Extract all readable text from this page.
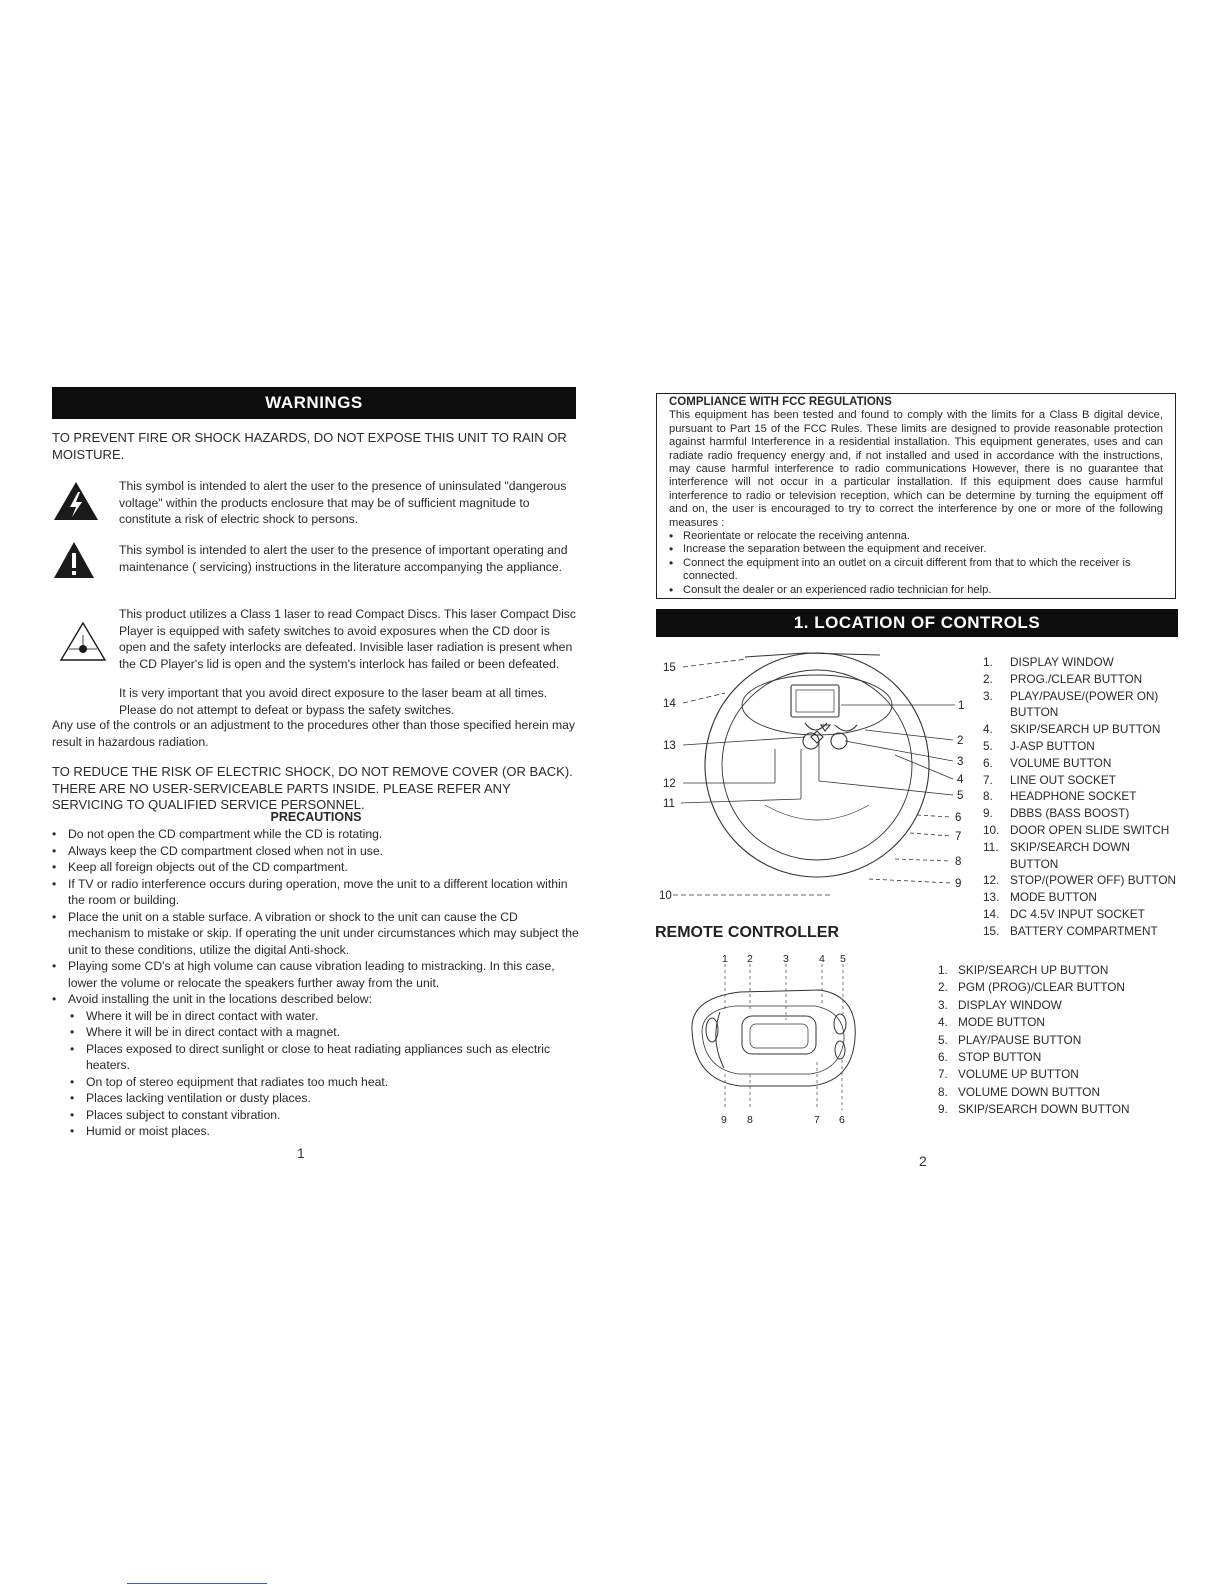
WARNINGS
TO PREVENT FIRE OR SHOCK HAZARDS, DO NOT EXPOSE THIS UNIT TO RAIN OR MOISTURE.
This symbol is intended to alert the user to the presence of uninsulated "dangerous voltage" within the products enclosure that may be of sufficient magnitude to constitute a risk of electric shock to persons.
This symbol is intended to alert the user to the presence of important operating and maintenance ( servicing) instructions in the literature accompanying the appliance.
This product utilizes a Class 1 laser to read Compact Discs. This laser Compact Disc Player is equipped with safety switches to avoid exposures when the CD door is open and the safety interlocks are defeated. Invisible laser radiation is present when the CD Player's lid is open and the system's interlock has failed or been defeated.
It is very important that you avoid direct exposure to the laser beam at all times. Please do not attempt to defeat or bypass the safety switches.
Any use of the controls or an adjustment to the procedures other than those specified herein may result in hazardous radiation.
TO REDUCE THE RISK OF ELECTRIC SHOCK, DO NOT REMOVE COVER (OR BACK). THERE ARE NO USER-SERVICEABLE PARTS INSIDE. PLEASE REFER ANY SERVICING TO QUALIFIED SERVICE PERSONNEL.
PRECAUTIONS
• Do not open the CD compartment while the CD is rotating.
• Always keep the CD compartment closed when not in use.
• Keep all foreign objects out of the CD compartment.
• If TV or radio interference occurs during operation, move the unit to a different location within the room or building.
• Place the unit on a stable surface. A vibration or shock to the unit can cause the CD mechanism to mistake or skip. If operating the unit under circumstances which may subject the unit to these conditions, utilize the digital Anti-shock.
• Playing some CD's at high volume can cause vibration leading to mistracking. In this case, lower the volume or relocate the speakers further away from the unit.
• Avoid installing the unit in the locations described below:
• Where it will be in direct contact with water.
• Where it will be in direct contact with a magnet.
• Places exposed to direct sunlight or close to heat radiating appliances such as electric heaters.
• On top of stereo equipment that radiates too much heat.
• Places lacking ventilation or dusty places.
• Places subject to constant vibration.
• Humid or moist places.
1
COMPLIANCE WITH FCC REGULATIONS
This equipment has been tested and found to comply with the limits for a Class B digital device, pursuant to Part 15 of the FCC Rules. These limits are designed to provide reasonable protection against harmful Interference in a residential installation. This equipment generates, uses and can radiate radio frequency energy and, if not installed and used in accordance with the instructions, may cause harmful interference to radio communications However, there is no guarantee that interference will not occur in a particular installation. If this equipment does cause harmful interference to radio or television reception, which can be determine by turning the equipment off and on, the user is encouraged to try to correct the interference by one or more of the following measures :
• Reorientate or relocate the receiving antenna.
• Increase the separation between the equipment and receiver.
• Connect the equipment into an outlet on a circuit different from that to which the receiver is connected.
• Consult the dealer or an experienced radio technician for help.
1. LOCATION OF CONTROLS
15
14
13
12
11
10
1
2
3
4
5
6
7
8
9
1.	DISPLAY WINDOW
2.	PROG./CLEAR BUTTON
3.	PLAY/PAUSE/(POWER ON) BUTTON
4.	SKIP/SEARCH UP BUTTON
5.	J-ASP BUTTON
6.	VOLUME BUTTON
7.	LINE OUT SOCKET
8.	HEADPHONE SOCKET
9.	DBBS (BASS BOOST)
10. DOOR OPEN SLIDE SWITCH
11. SKIP/SEARCH DOWN BUTTON
12. STOP/(POWER OFF) BUTTON
13. MODE BUTTON
14. DC 4.5V INPUT SOCKET
15. BATTERY COMPARTMENT
REMOTE CONTROLLER
1 2	3	4 5
9 8	7 6
1. SKIP/SEARCH UP BUTTON
2. PGM (PROG)/CLEAR BUTTON
3. DISPLAY WINDOW
4. MODE BUTTON
5. PLAY/PAUSE BUTTON
6. STOP BUTTON
7. VOLUME UP BUTTON
8. VOLUME DOWN BUTTON
9. SKIP/SEARCH DOWN BUTTON
2
